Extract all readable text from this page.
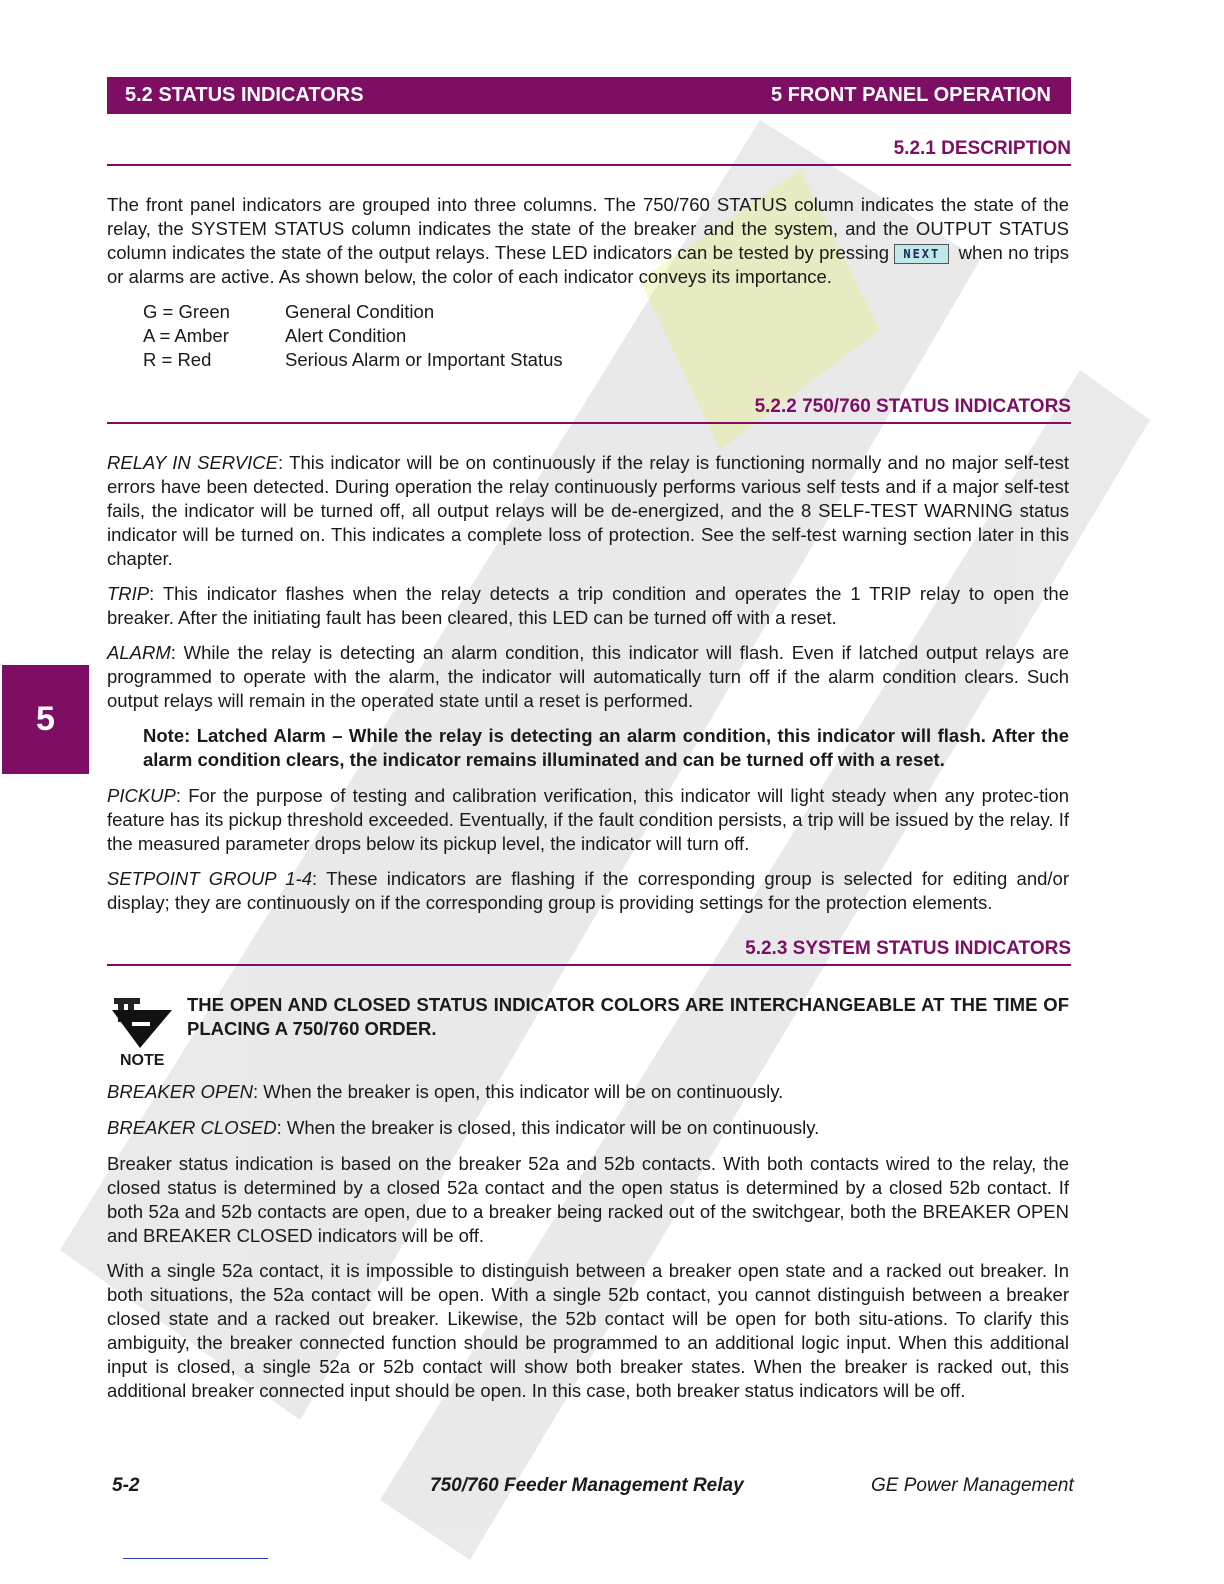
5.2 STATUS INDICATORS	5 FRONT PANEL OPERATION
5
5.2.1 DESCRIPTION
The front panel indicators are grouped into three columns. The 750/760 STATUS column indicates the state of the relay, the SYSTEM STATUS column indicates the state of the breaker and the system, and the OUTPUT STATUS column indicates the state of the output relays. These LED indicators can be tested by pressing NEXT when no trips or alarms are active. As shown below, the color of each indicator conveys its importance.
G = Green	General Condition
A = Amber	Alert Condition
R = Red	Serious Alarm or Important Status
5.2.2 750/760 STATUS INDICATORS
RELAY IN SERVICE: This indicator will be on continuously if the relay is functioning normally and no major self-test errors have been detected. During operation the relay continuously performs various self tests and if a major self-test fails, the indicator will be turned off, all output relays will be de-energized, and the 8 SELF-TEST WARNING status indicator will be turned on. This indicates a complete loss of protection. See the self-test warning section later in this chapter.
TRIP: This indicator flashes when the relay detects a trip condition and operates the 1 TRIP relay to open the breaker. After the initiating fault has been cleared, this LED can be turned off with a reset.
ALARM: While the relay is detecting an alarm condition, this indicator will flash. Even if latched output relays are programmed to operate with the alarm, the indicator will automatically turn off if the alarm condition clears. Such output relays will remain in the operated state until a reset is performed.
Note: Latched Alarm – While the relay is detecting an alarm condition, this indicator will flash. After the alarm condition clears, the indicator remains illuminated and can be turned off with a reset.
PICKUP: For the purpose of testing and calibration verification, this indicator will light steady when any protec-tion feature has its pickup threshold exceeded. Eventually, if the fault condition persists, a trip will be issued by the relay. If the measured parameter drops below its pickup level, the indicator will turn off.
SETPOINT GROUP 1-4: These indicators are flashing if the corresponding group is selected for editing and/or display; they are continuously on if the corresponding group is providing settings for the protection elements.
5.2.3 SYSTEM STATUS INDICATORS
NOTE
THE OPEN AND CLOSED STATUS INDICATOR COLORS ARE INTERCHANGEABLE AT THE TIME OF PLACING A 750/760 ORDER.
BREAKER OPEN: When the breaker is open, this indicator will be on continuously.
BREAKER CLOSED: When the breaker is closed, this indicator will be on continuously.
Breaker status indication is based on the breaker 52a and 52b contacts. With both contacts wired to the relay, the closed status is determined by a closed 52a contact and the open status is determined by a closed 52b contact. If both 52a and 52b contacts are open, due to a breaker being racked out of the switchgear, both the BREAKER OPEN and BREAKER CLOSED indicators will be off.
With a single 52a contact, it is impossible to distinguish between a breaker open state and a racked out breaker. In both situations, the 52a contact will be open. With a single 52b contact, you cannot distinguish between a breaker closed state and a racked out breaker. Likewise, the 52b contact will be open for both situ-ations. To clarify this ambiguity, the breaker connected function should be programmed to an additional logic input. When this additional input is closed, a single 52a or 52b contact will show both breaker states. When the breaker is racked out, this additional breaker connected input should be open. In this case, both breaker status indicators will be off.
5-2	750/760 Feeder Management Relay	GE Power Management
